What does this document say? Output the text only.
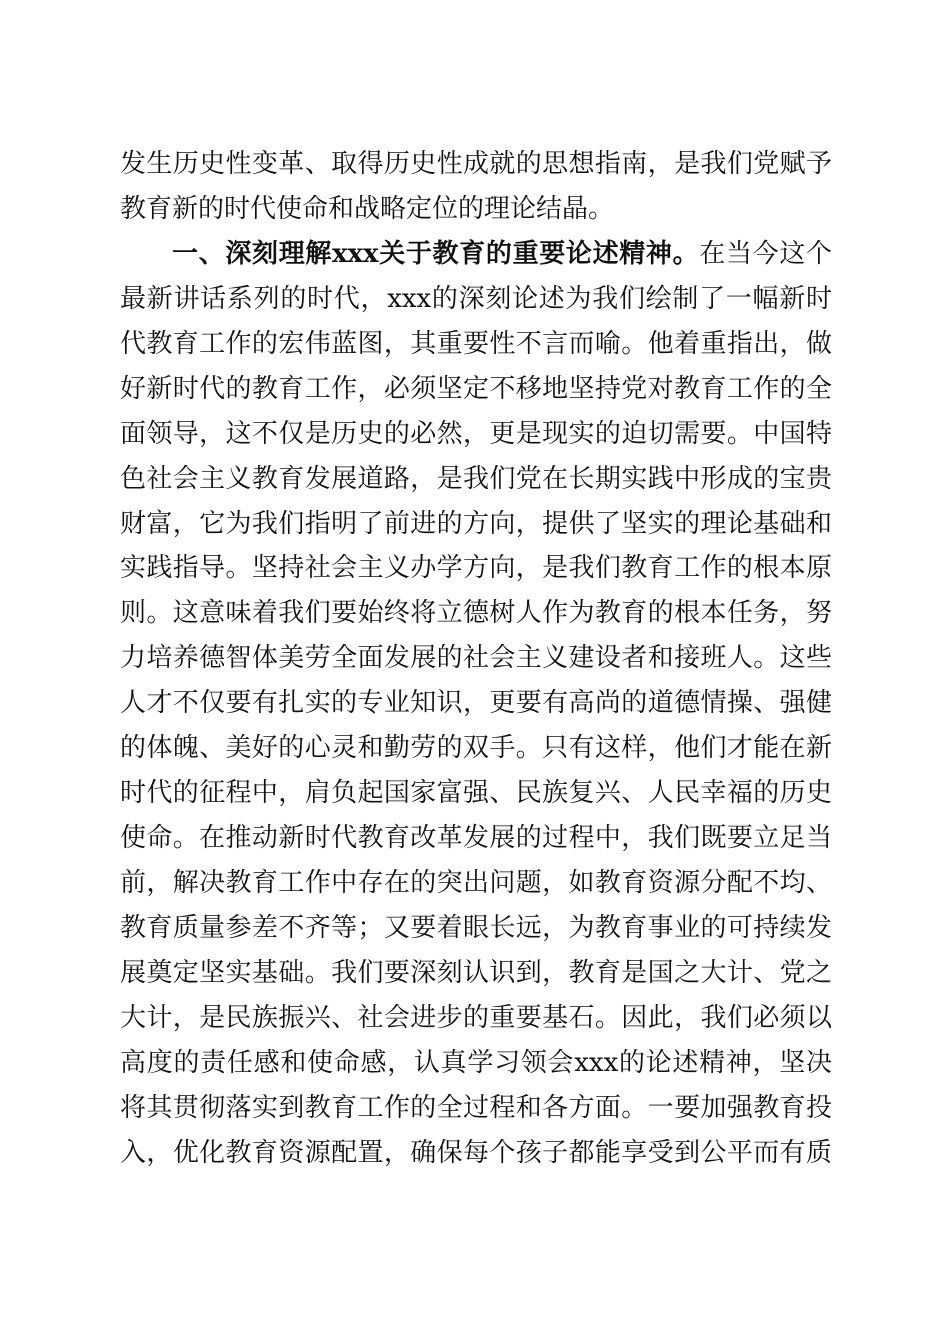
发生历史性变革、取得历史性成就的思想指南，是我们党赋予
教育新的时代使命和战略定位的理论结晶。
一、深刻理解xxx关于教育的重要论述精神。在当今这个
最新讲话系列的时代，xxx的深刻论述为我们绘制了一幅新时
代教育工作的宏伟蓝图，其重要性不言而喻。他着重指出，做
好新时代的教育工作，必须坚定不移地坚持党对教育工作的全
面领导，这不仅是历史的必然，更是现实的迫切需要。中国特
色社会主义教育发展道路，是我们党在长期实践中形成的宝贵
财富，它为我们指明了前进的方向，提供了坚实的理论基础和
实践指导。坚持社会主义办学方向，是我们教育工作的根本原
则。这意味着我们要始终将立德树人作为教育的根本任务，努
力培养德智体美劳全面发展的社会主义建设者和接班人。这些
人才不仅要有扎实的专业知识，更要有高尚的道德情操、强健
的体魄、美好的心灵和勤劳的双手。只有这样，他们才能在新
时代的征程中，肩负起国家富强、民族复兴、人民幸福的历史
使命。在推动新时代教育改革发展的过程中，我们既要立足当
前，解决教育工作中存在的突出问题，如教育资源分配不均、
教育质量参差不齐等；又要着眼长远，为教育事业的可持续发
展奠定坚实基础。我们要深刻认识到，教育是国之大计、党之
大计，是民族振兴、社会进步的重要基石。因此，我们必须以
高度的责任感和使命感，认真学习领会xxx的论述精神，坚决
将其贯彻落实到教育工作的全过程和各方面。一要加强教育投
入，优化教育资源配置，确保每个孩子都能享受到公平而有质
